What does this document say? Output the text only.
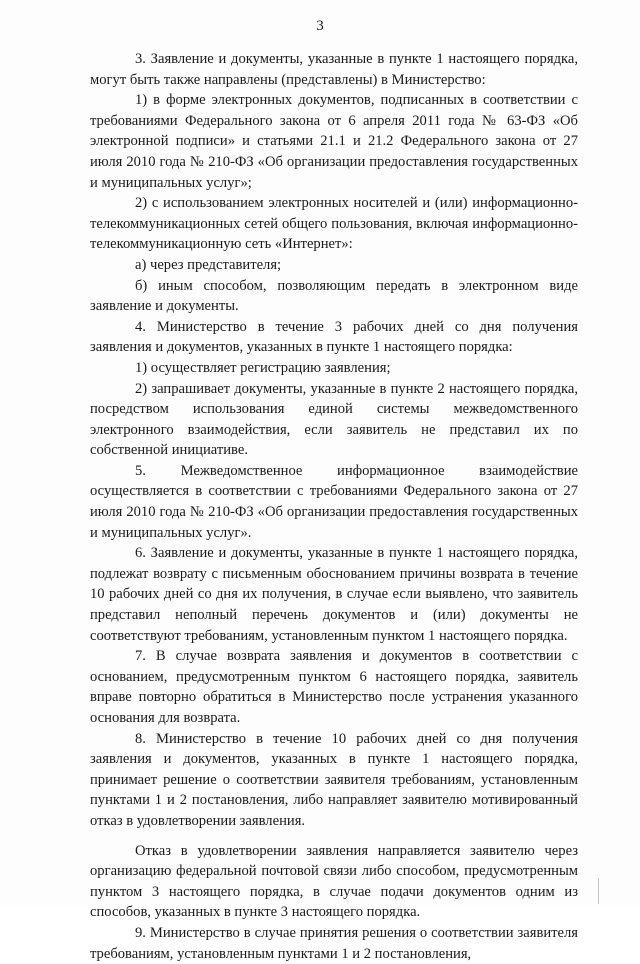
3

3. Заявление и документы, указанные в пункте 1 настоящего порядка, могут быть также направлены (представлены) в Министерство:

1) в форме электронных документов, подписанных в соответствии с требованиями Федерального закона от 6 апреля 2011 года № 63-ФЗ «Об электронной подписи» и статьями 21.1 и 21.2 Федерального закона от 27 июля 2010 года № 210-ФЗ «Об организации предоставления государственных и муниципальных услуг»;

2) с использованием электронных носителей и (или) информационно-телекоммуникационных сетей общего пользования, включая информационно-телекоммуникационную сеть «Интернет»:

а) через представителя;

б) иным способом, позволяющим передать в электронном виде заявление и документы.

4. Министерство в течение 3 рабочих дней со дня получения заявления и документов, указанных в пункте 1 настоящего порядка:

1) осуществляет регистрацию заявления;

2) запрашивает документы, указанные в пункте 2 настоящего порядка, посредством использования единой системы межведомственного электронного взаимодействия, если заявитель не представил их по собственной инициативе.

5. Межведомственное информационное взаимодействие осуществляется в соответствии с требованиями Федерального закона от 27 июля 2010 года № 210-ФЗ «Об организации предоставления государственных и муниципальных услуг».

6. Заявление и документы, указанные в пункте 1 настоящего порядка, подлежат возврату с письменным обоснованием причины возврата в течение 10 рабочих дней со дня их получения, в случае если выявлено, что заявитель представил неполный перечень документов и (или) документы не соответствуют требованиям, установленным пунктом 1 настоящего порядка.

7. В случае возврата заявления и документов в соответствии с основанием, предусмотренным пунктом 6 настоящего порядка, заявитель вправе повторно обратиться в Министерство после устранения указанного основания для возврата.

8. Министерство в течение 10 рабочих дней со дня получения заявления и документов, указанных в пункте 1 настоящего порядка, принимает решение о соответствии заявителя требованиям, установленным пунктами 1 и 2 постановления, либо направляет заявителю мотивированный отказ в удовлетворении заявления.

Отказ в удовлетворении заявления направляется заявителю через организацию федеральной почтовой связи либо способом, предусмотренным пунктом 3 настоящего порядка, в случае подачи документов одним из способов, указанных в пункте 3 настоящего порядка.

9. Министерство в случае принятия решения о соответствии заявителя требованиям, установленным пунктами 1 и 2 постановления,
